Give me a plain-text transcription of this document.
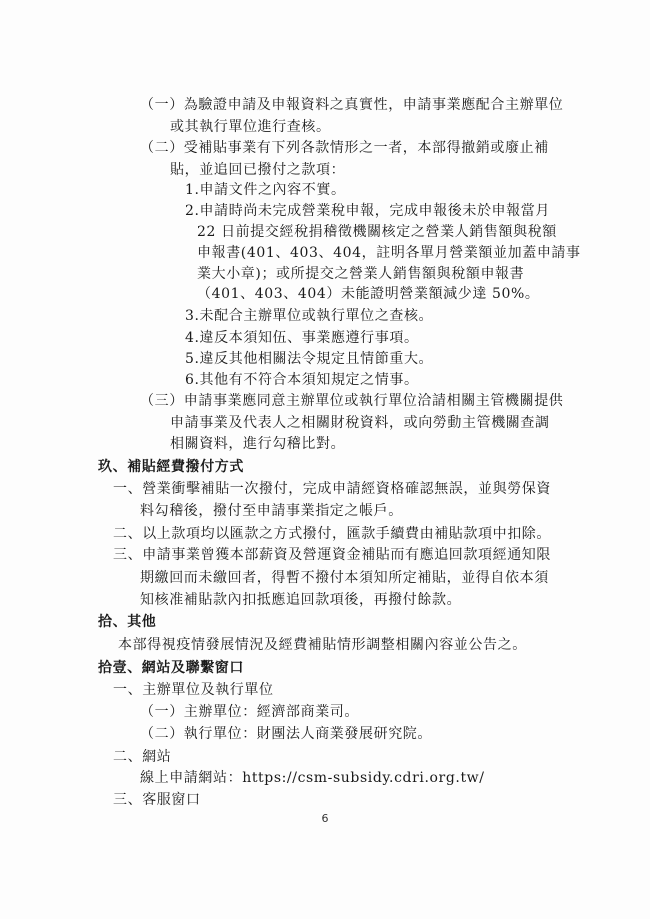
（一）為驗證申請及申報資料之真實性，申請事業應配合主辦單位
或其執行單位進行查核。
（二）受補貼事業有下列各款情形之一者，本部得撤銷或廢止補
貼，並追回已撥付之款項：
1.申請文件之內容不實。
2.申請時尚未完成營業稅申報，完成申報後未於申報當月
22 日前提交經稅捐稽徵機關核定之營業人銷售額與稅額
申報書(401、403、404，註明各單月營業額並加蓋申請事
業大小章)；或所提交之營業人銷售額與稅額申報書
（401、403、404）未能證明營業額減少達 50%。
3.未配合主辦單位或執行單位之查核。
4.違反本須知伍、事業應遵行事項。
5.違反其他相關法令規定且情節重大。
6.其他有不符合本須知規定之情事。
（三）申請事業應同意主辦單位或執行單位洽請相關主管機關提供
申請事業及代表人之相關財稅資料，或向勞動主管機關查調
相關資料，進行勾稽比對。
玖、補貼經費撥付方式
一、營業衝擊補貼一次撥付，完成申請經資格確認無誤，並與勞保資
料勾稽後，撥付至申請事業指定之帳戶。
二、以上款項均以匯款之方式撥付，匯款手續費由補貼款項中扣除。
三、申請事業曾獲本部薪資及營運資金補貼而有應追回款項經通知限
期繳回而未繳回者，得暫不撥付本須知所定補貼，並得自依本須
知核准補貼款內扣抵應追回款項後，再撥付餘款。
拾、其他
本部得視疫情發展情況及經費補貼情形調整相關內容並公告之。
拾壹、網站及聯繫窗口
一、主辦單位及執行單位
（一）主辦單位：經濟部商業司。
（二）執行單位：財團法人商業發展研究院。
二、網站
線上申請網站：https://csm-subsidy.cdri.org.tw/
三、客服窗口
6
